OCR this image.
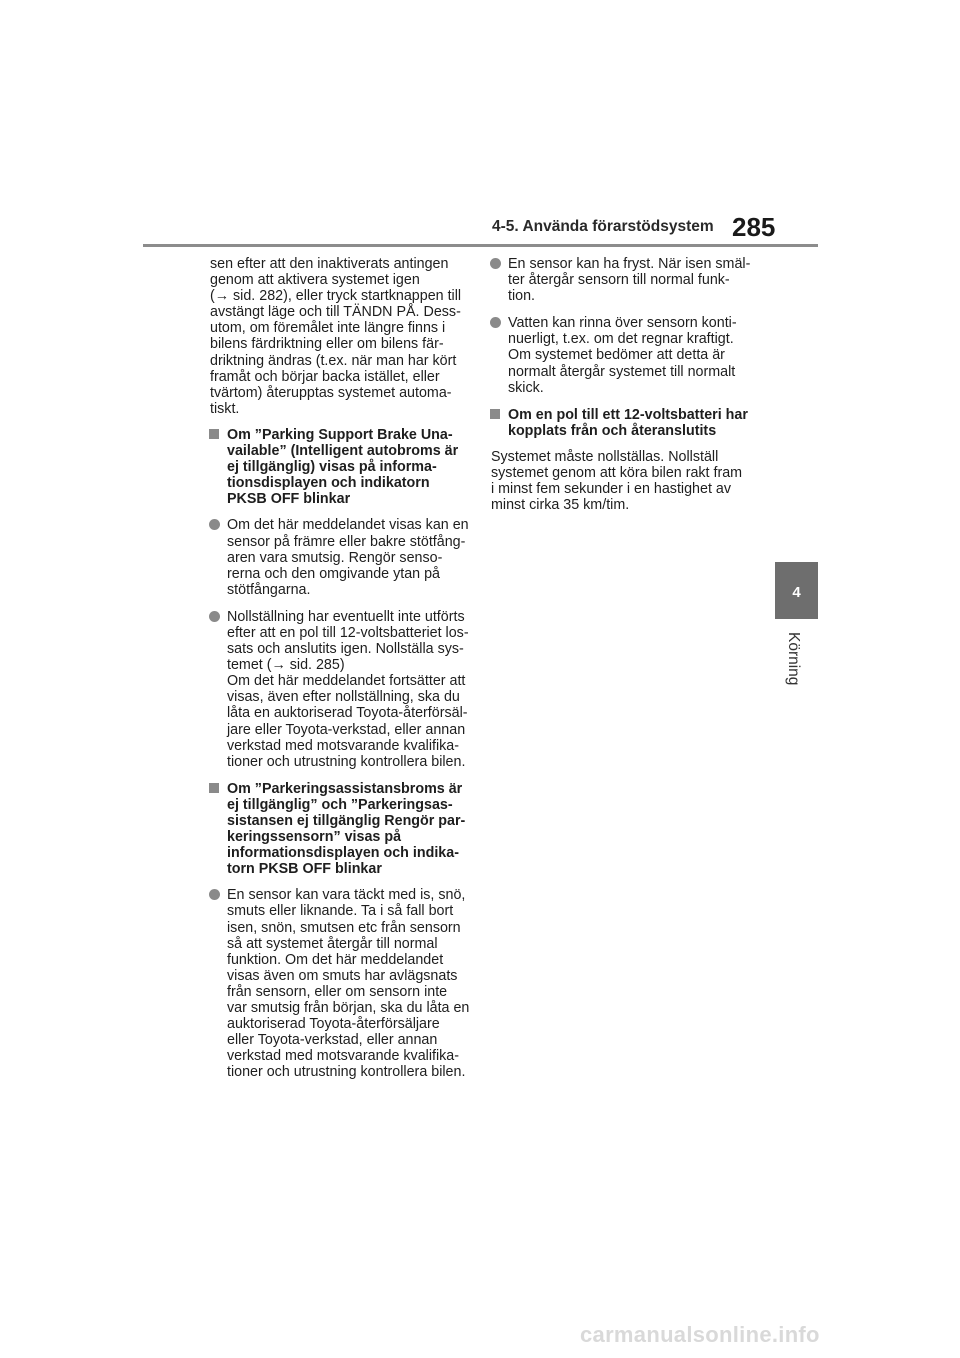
4-5. Använda förarstödsystem 285
4
Körning
sen efter att den inaktiverats antingen
genom att aktivera systemet igen
(→ sid. 282), eller tryck startknappen till
avstängt läge och till TÄNDN PÅ. Dess-
utom, om föremålet inte längre finns i
bilens färdriktning eller om bilens fär-
driktning ändras (t.ex. när man har kört
framåt och börjar backa istället, eller
tvärtom) återupptas systemet automa-
tiskt.
Om ”Parking Support Brake Una-
vailable” (Intelligent autobroms är
ej tillgänglig) visas på informa-
tionsdisplayen och indikatorn
PKSB OFF blinkar
Om det här meddelandet visas kan en
sensor på främre eller bakre stötfång-
aren vara smutsig. Rengör senso-
rerna och den omgivande ytan på
stötfångarna.
Nollställning har eventuellt inte utförts
efter att en pol till 12-voltsbatteriet los-
sats och anslutits igen. Nollställa sys-
temet (→ sid. 285)
Om det här meddelandet fortsätter att
visas, även efter nollställning, ska du
låta en auktoriserad Toyota-återförsäl-
jare eller Toyota-verkstad, eller annan
verkstad med motsvarande kvalifika-
tioner och utrustning kontrollera bilen.
Om ”Parkeringsassistansbroms är
ej tillgänglig” och ”Parkeringsas-
sistansen ej tillgänglig Rengör par-
keringssensorn” visas på
informationsdisplayen och indika-
torn PKSB OFF blinkar
En sensor kan vara täckt med is, snö,
smuts eller liknande. Ta i så fall bort
isen, snön, smutsen etc från sensorn
så att systemet återgår till normal
funktion. Om det här meddelandet
visas även om smuts har avlägsnats
från sensorn, eller om sensorn inte
var smutsig från början, ska du låta en
auktoriserad Toyota-återförsäljare
eller Toyota-verkstad, eller annan
verkstad med motsvarande kvalifika-
tioner och utrustning kontrollera bilen.
En sensor kan ha fryst. När isen smäl-
ter återgår sensorn till normal funk-
tion.
Vatten kan rinna över sensorn konti-
nuerligt, t.ex. om det regnar kraftigt.
Om systemet bedömer att detta är
normalt återgår systemet till normalt
skick.
Om en pol till ett 12-voltsbatteri har
kopplats från och återanslutits
Systemet måste nollställas. Nollställ
systemet genom att köra bilen rakt fram
i minst fem sekunder i en hastighet av
minst cirka 35 km/tim.
carmanualsonline.info
